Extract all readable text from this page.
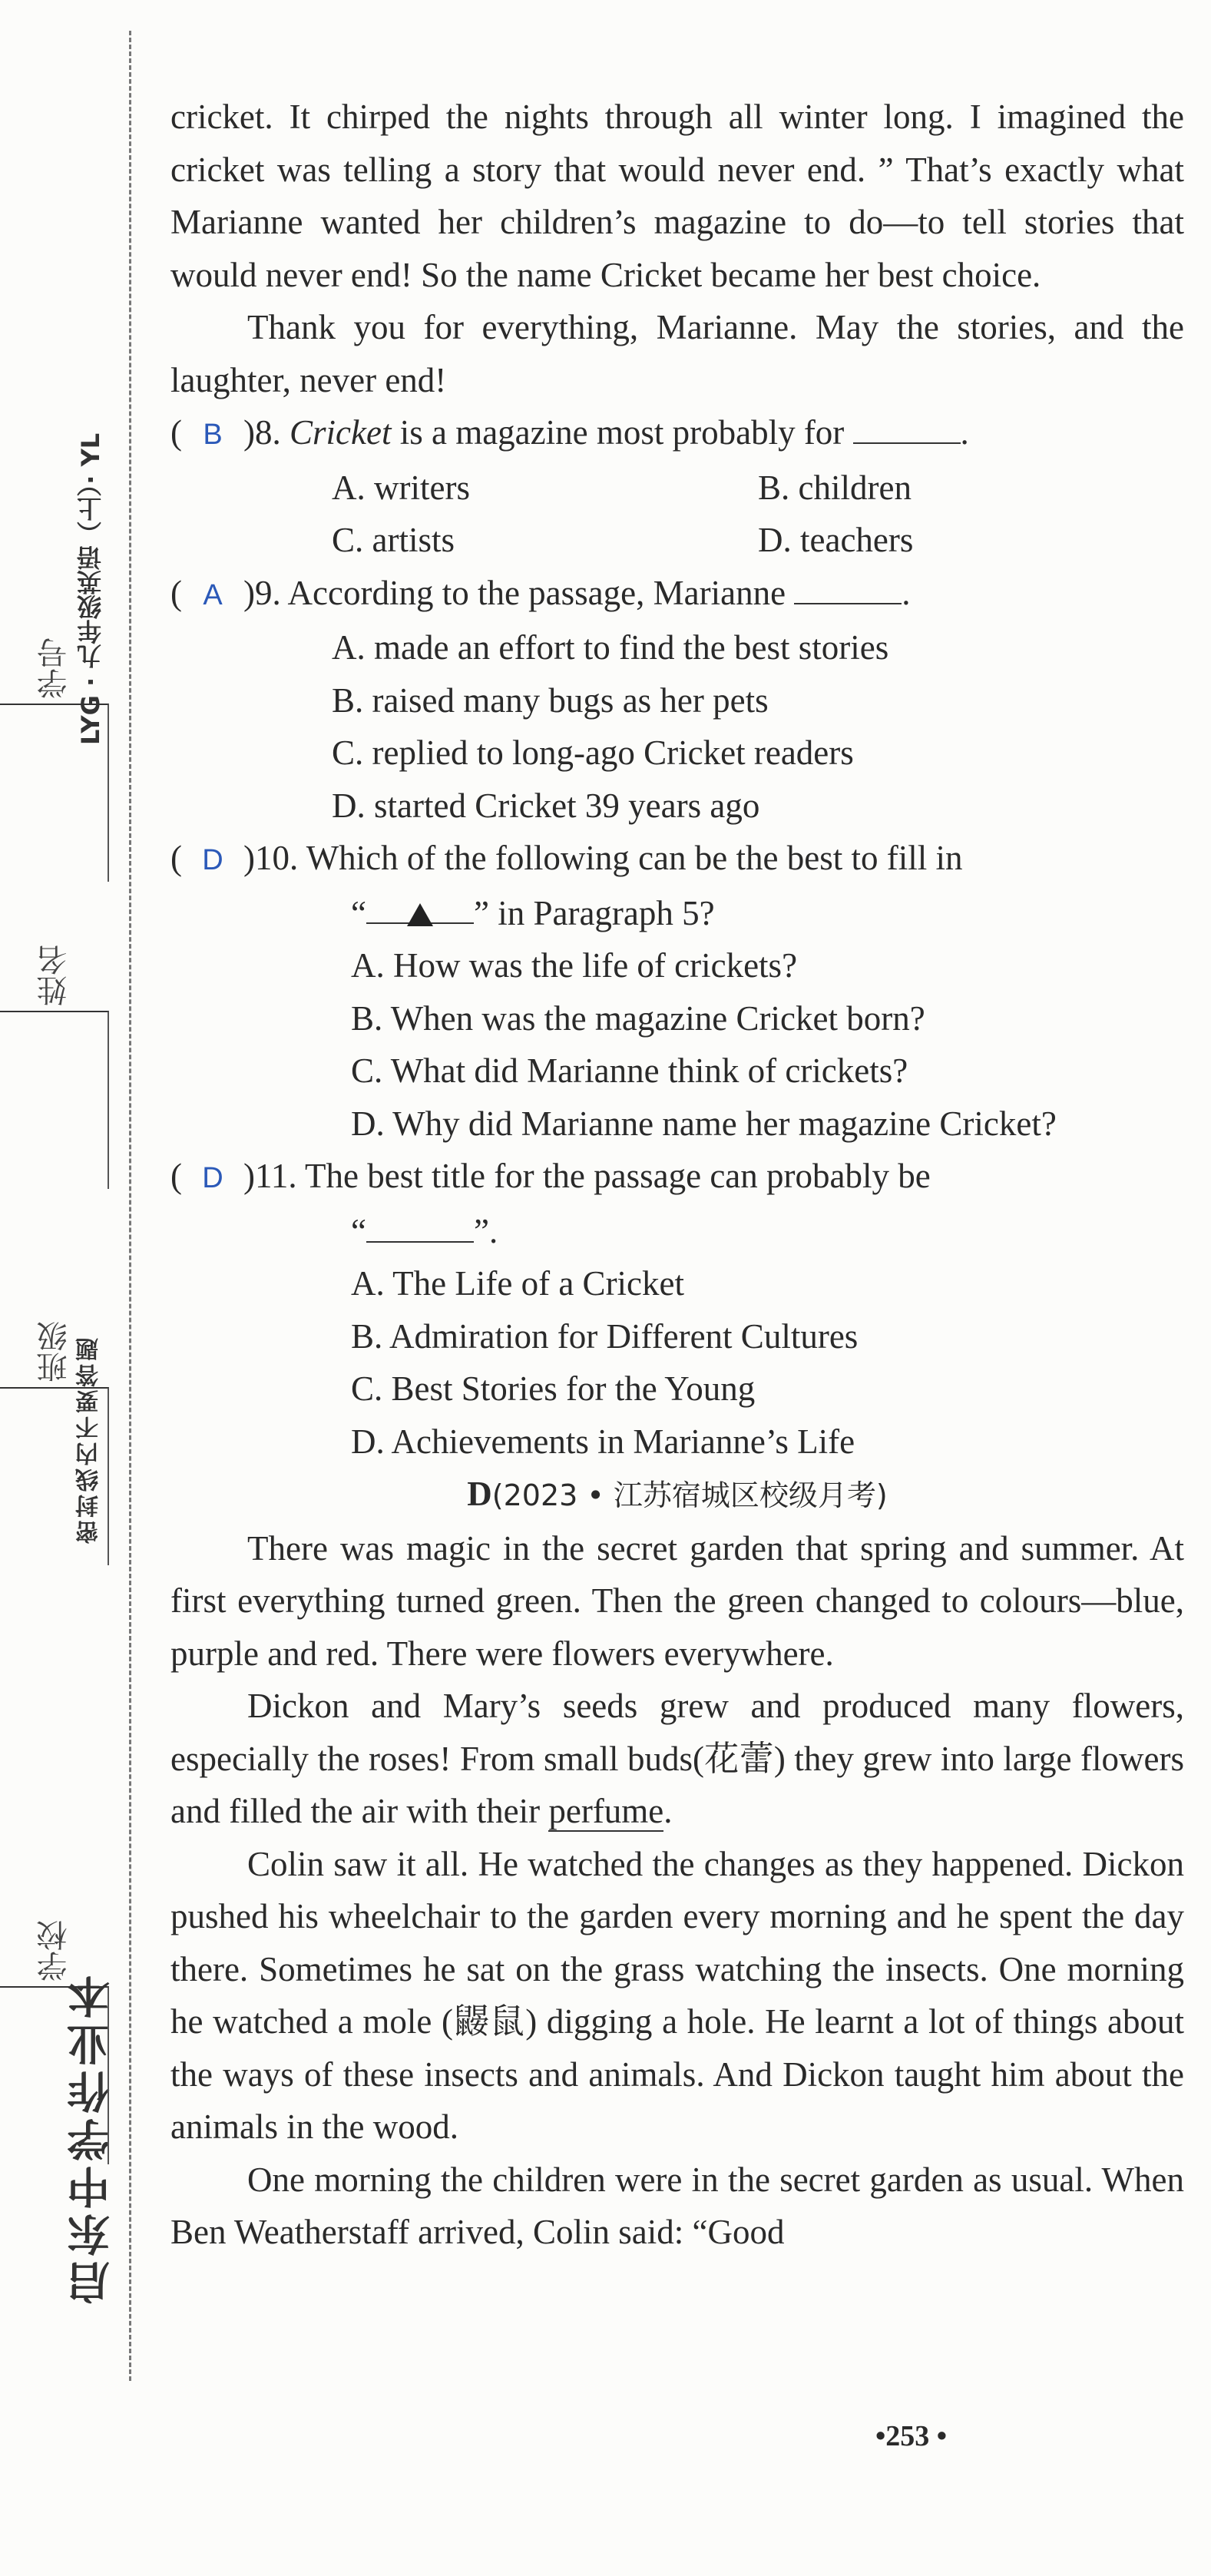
LYG · 九年级英语（上）· YL
密封线内不要答题
启东中学作业本
学号
姓名
班级
学校

cricket. It chirped the nights through all winter long. I imagined the cricket was telling a story that would never end. ” That’s exactly what Marianne wanted her children’s magazine to do—to tell stories that would never end! So the name Cricket became her best choice.

Thank you for everything, Marianne. May the stories, and the laughter, never end!

( B )8. Cricket is a magazine most probably for	.
A. writers	B. children
C. artists	D. teachers
( A )9. According to the passage, Marianne	.
A. made an effort to find the best stories
B. raised many bugs as her pets
C. replied to long-ago Cricket readers
D. started Cricket 39 years ago
( D )10. Which of the following can be the best to fill in
“	” in Paragraph 5?
A. How was the life of crickets?
B. When was the magazine Cricket born?
C. What did Marianne think of crickets?
D. Why did Marianne name her magazine Cricket?
( D )11. The best title for the passage can probably be
“	”.
A. The Life of a Cricket
B. Admiration for Different Cultures
C. Best Stories for the Young
D. Achievements in Marianne’s Life

D(2023 • 江苏宿城区校级月考)

There was magic in the secret garden that spring and summer. At first everything turned green. Then the green changed to colours—blue, purple and red. There were flowers everywhere.

Dickon and Mary’s seeds grew and produced many flowers, especially the roses! From small buds(花蕾) they grew into large flowers and filled the air with their perfume.

Colin saw it all. He watched the changes as they happened. Dickon pushed his wheelchair to the garden every morning and he spent the day there. Sometimes he sat on the grass watching the insects. One morning he watched a mole (鼹鼠) digging a hole. He learnt a lot of things about the ways of these insects and animals. And Dickon taught him about the animals in the wood.

One morning the children were in the secret garden as usual. When Ben Weatherstaff arrived, Colin said: “Good

•253 •
